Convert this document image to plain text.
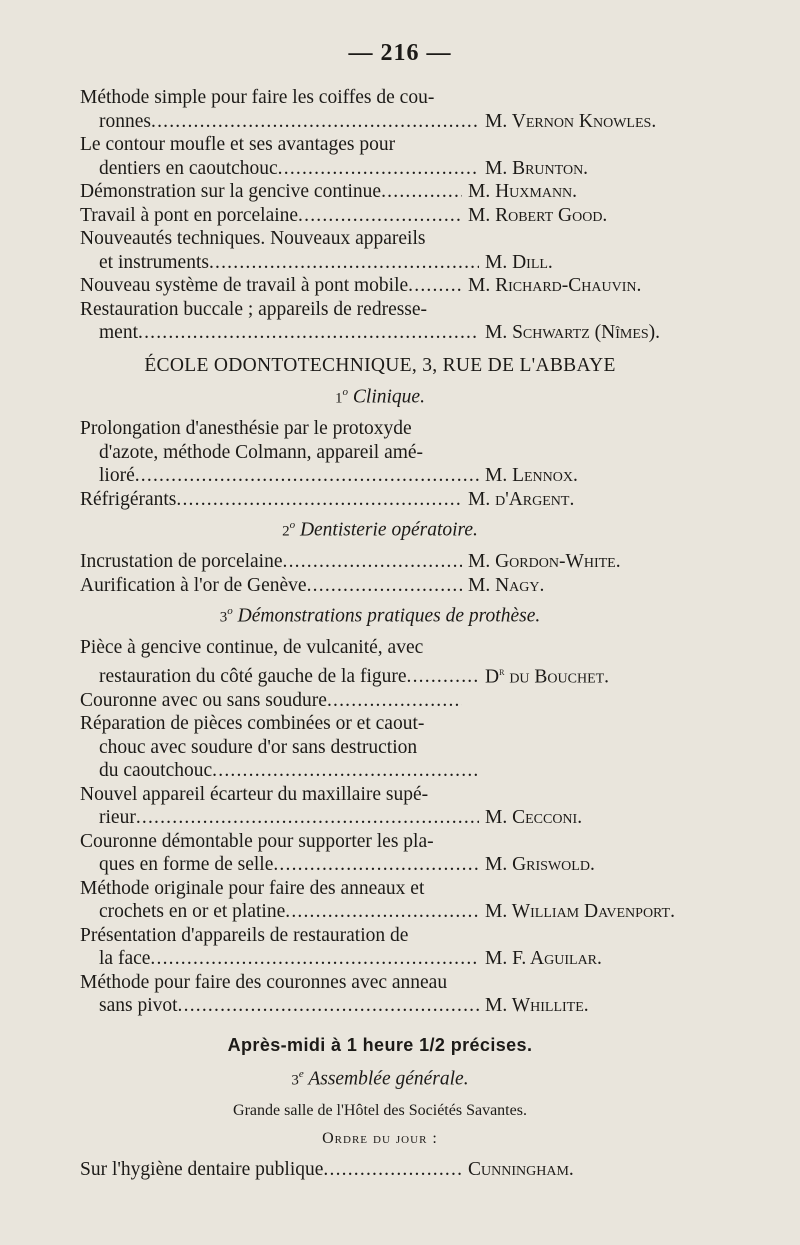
— 216 —
Méthode simple pour faire les coiffes de cou-
ronnes .....	M. Vernon Knowles.
Le contour moufle et ses avantages pour
dentiers en caoutchouc .....	M. Brunton.
Démonstration sur la gencive continue .....	M. Huxmann.
Travail à pont en porcelaine .....	M. Robert Good.
Nouveautés techniques. Nouveaux appareils
et instruments .....	M. Dill.
Nouveau système de travail à pont mobile .....	M. Richard-Chauvin.
Restauration buccale ; appareils de redresse-
ment .....	M. Schwartz (Nîmes).
ÉCOLE ODONTOTECHNIQUE, 3, RUE DE L'ABBAYE
1$^o$ Clinique.
Prolongation d'anesthésie par le protoxyde
d'azote, méthode Colmann, appareil amé-
lioré .....	M. Lennox.
Réfrigérants .....	M. d'Argent.
2$^o$ Dentisterie opératoire.
Incrustation de porcelaine .....	M. Gordon-White.
Aurification à l'or de Genève .....	M. Nagy.
3$^o$ Démonstrations pratiques de prothèse.
Pièce à gencive continue, de vulcanité, avec
restauration du côté gauche de la figure .....	$D^r$ du Bouchet.
Couronne avec ou sans soudure
.....
Réparation de pièces combinées or et caout-
chouc avec soudure d'or sans destruction
du caoutchouc
.....
Nouvel appareil écarteur du maxillaire supé-
rieur .....	M. Cecconi.
Couronne démontable pour supporter les pla-
ques en forme de selle .....	M. Griswold.
Méthode originale pour faire des anneaux et
crochets en or et platine .....	M. William Davenport.
Présentation d'appareils de restauration de
la face .....	M. F. Aguilar.
Méthode pour faire des couronnes avec anneau
sans pivot .....	M. Whillite.
Après-midi à 1 heure 1/2 précises.
3e Assemblée générale.
Grande salle de l'Hôtel des Sociétés Savantes.
Ordre du jour :
Sur l'hygiène dentaire publique .....	Cunningham.
